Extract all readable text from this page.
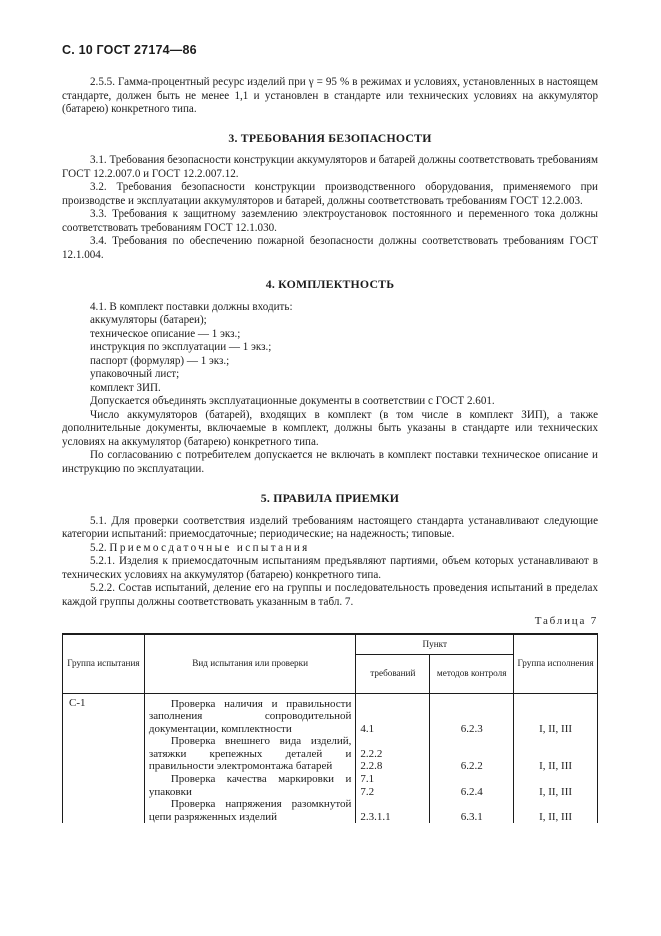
С. 10 ГОСТ 27174—86

2.5.5. Гамма-процентный ресурс изделий при γ = 95 % в режимах и условиях, установленных в настоящем стандарте, должен быть не менее 1,1 и установлен в стандарте или технических условиях на аккумулятор (батарею) конкретного типа.

3. ТРЕБОВАНИЯ БЕЗОПАСНОСТИ

3.1. Требования безопасности конструкции аккумуляторов и батарей должны соответствовать требованиям ГОСТ 12.2.007.0 и ГОСТ 12.2.007.12.

3.2. Требования безопасности конструкции производственного оборудования, применяемого при производстве и эксплуатации аккумуляторов и батарей, должны соответствовать требованиям ГОСТ 12.2.003.

3.3. Требования к защитному заземлению электроустановок постоянного и переменного тока должны соответствовать требованиям ГОСТ 12.1.030.

3.4. Требования по обеспечению пожарной безопасности должны соответствовать требованиям ГОСТ 12.1.004.

4. КОМПЛЕКТНОСТЬ

4.1. В комплект поставки должны входить:

аккумуляторы (батареи);

техническое описание — 1 экз.;

инструкция по эксплуатации — 1 экз.;

паспорт (формуляр) — 1 экз.;

упаковочный лист;

комплект ЗИП.

Допускается объединять эксплуатационные документы в соответствии с ГОСТ 2.601.

Число аккумуляторов (батарей), входящих в комплект (в том числе в комплект ЗИП), а также дополнительные документы, включаемые в комплект, должны быть указаны в стандарте или технических условиях на аккумулятор (батарею) конкретного типа.

По согласованию с потребителем допускается не включать в комплект поставки техническое описание и инструкцию по эксплуатации.

5. ПРАВИЛА ПРИЕМКИ

5.1. Для проверки соответствия изделий требованиям настоящего стандарта устанавливают следующие категории испытаний: приемосдаточные; периодические; на надежность; типовые.

5.2. Приемосдаточные испытания

5.2.1. Изделия к приемосдаточным испытаниям предъявляют партиями, объем которых устанавливают в технических условиях на аккумулятор (батарею) конкретного типа.

5.2.2. Состав испытаний, деление его на группы и последовательность проведения испытаний в пределах каждой группы должны соответствовать указанным в табл. 7.

Таблица 7

Группа испытания	Вид испытания или проверки	Пункт		Группа исполнения
		требований	методов контроля	
С-1	Проверка наличия и правильности заполнения сопроводительной документации, комплектности	4.1	6.2.3	I, II, III

	Проверка внешнего вида изделий, затяжки крепежных деталей и правильности электромонтажа батарей	2.2.2
2.2.8	6.2.2	I, II, III

	Проверка качества маркировки и упаковки	7.1
7.2	6.2.4	I, II, III

	Проверка напряжения разомкнутой цепи разряженных изделий	2.3.1.1	6.3.1	I, II, III
